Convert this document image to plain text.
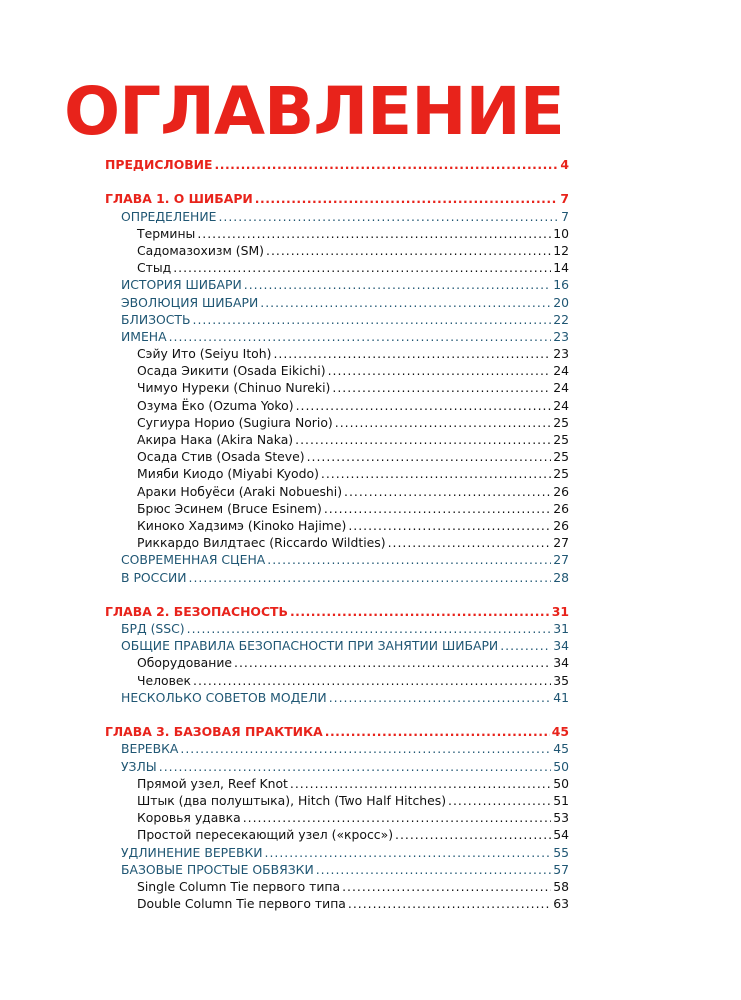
ОГЛАВЛЕНИЕ
ПРЕДИСЛОВИЕ .....	4
ГЛАВА 1. О ШИБАРИ .....	7
ОПРЕДЕЛЕНИЕ .....	7
Термины .....	10
Садомазохизм (SM) .....	12
Стыд .....	14
ИСТОРИЯ ШИБАРИ .....	16
ЭВОЛЮЦИЯ ШИБАРИ .....	20
БЛИЗОСТЬ .....	22
ИМЕНА .....	23
Сэйу Ито (Seiyu Itoh) .....	23
Осада Эикити (Osada Eikichi) .....	24
Чимуо Нуреки (Chinuo Nureki) .....	24
Озума Ёко (Ozuma Yoko) .....	24
Сугиура Норио (Sugiura Norio) .....	25
Акира Нака (Akira Naka) .....	25
Осада Стив (Osada Steve) .....	25
Мияби Киодо (Miyabi Kyodo) .....	25
Араки Нобуёси (Araki Nobueshi) .....	26
Брюс Эсинем (Bruce Esinem) .....	26
Киноко Хадзимэ (Kinoko Hajime) .....	26
Риккардо Вилдтаес (Riccardo Wildties) .....	27
СОВРЕМЕННАЯ СЦЕНА .....	27
В РОССИИ .....	28
ГЛАВА 2. БЕЗОПАСНОСТЬ .....	31
БРД (SSC) .....	31
ОБЩИЕ ПРАВИЛА БЕЗОПАСНОСТИ ПРИ ЗАНЯТИИ ШИБАРИ .....	34
Оборудование .....	34
Человек .....	35
НЕСКОЛЬКО СОВЕТОВ МОДЕЛИ .....	41
ГЛАВА 3. БАЗОВАЯ ПРАКТИКА .....	45
ВЕРЕВКА .....	45
УЗЛЫ .....	50
Прямой узел, Reef Knot .....	50
Штык (два полуштыка), Hitch (Two Half Hitches) .....	51
Коровья удавка .....	53
Простой пересекающий узел («кросс») .....	54
УДЛИНЕНИЕ ВЕРЕВКИ .....	55
БАЗОВЫЕ ПРОСТЫЕ ОБВЯЗКИ .....	57
Single Column Tie первого типа .....	58
Double Column Tie первого типа .....	63
